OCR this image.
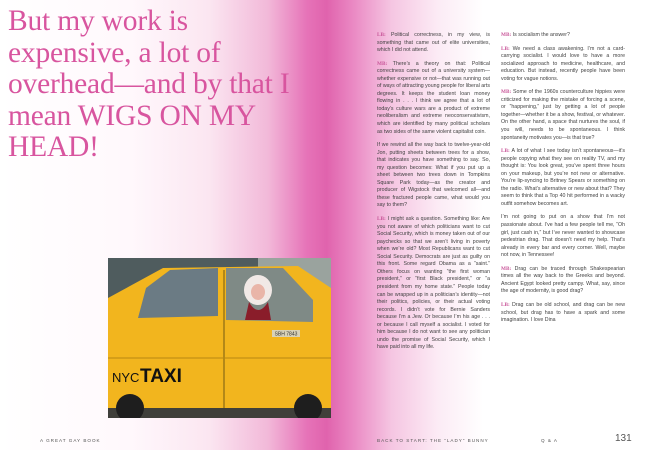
But my work is expensive, a lot of overhead—and by that I mean WIGS ON MY HEAD!
SBH 7843
NYC TAXI

LB: Political correctness, in my view, is something that came out of elite universities, which I did not attend.

MB: There’s a theory on that: Political correctness came out of a university system—whether expensive or not—that was running out of ways of attracting young people for liberal arts degrees. It keeps the student loan money flowing in . . . I think we agree that a lot of today’s culture wars are a product of extreme neoliberalism and extreme neoconservativism, which are identified by many political scholars as two sides of the same violent capitalist coin.

If we rewind all the way back to twelve-year-old Jon, putting sheets between trees for a show, that indicates you have something to say. So, my question becomes: What if you put up a sheet between two trees down in Tompkins Square Park today—as the creator and producer of Wigstock that welcomed all—and these fractured people came, what would you say to them?

LB: I might ask a question. Something like: Are you not aware of which politicians want to cut Social Security, which is money taken out of our paychecks so that we aren’t living in poverty when we’re old? Most Republicans want to cut Social Security. Democrats are just as guilty on this front. Some regard Obama as a “saint.” Others focus on wanting “the first woman president,” or “first Black president,” or “a president from my home state.” People today can be wrapped up in a politician’s identity—not their politics, policies, or their actual voting records. I didn’t vote for Bernie Sanders because I’m a Jew. Or because I’m his age . . . or because I call myself a socialist. I voted for him because I do not want to see any politician undo the promise of Social Security, which I have paid into all my life.

MB: Is socialism the answer?

LB: We need a class awakening. I’m not a card-carrying socialist. I would love to have a more socialized approach to medicine, healthcare, and education. But instead, recently people have been voting for vague notions.

MB: Some of the 1960s counterculture hippies were criticized for making the mistake of forcing a scene, or “happening,” just by getting a lot of people together—whether it be a show, festival, or whatever. On the other hand, a space that nurtures the soul, if you will, needs to be spontaneous. I think spontaneity motivates you—is that true?

LB: A lot of what I see today isn’t spontaneous—it’s people copying what they see on reality TV, and my thought is: You look great, you’ve spent three hours on your makeup, but you’re not new or alternative. You’re lip-syncing to Britney Spears or something on the radio. What’s alternative or new about that? They seem to think that a Top 40 hit performed in a wacky outfit somehow becomes art.

I’m not going to put on a show that I’m not passionate about. I’ve had a few people tell me, “Oh girl, just cash in,” but I’ve never wanted to showcase pedestrian drag. That doesn’t need my help. That’s already in every bar and every corner. Well, maybe not now, in Tennessee!

MB: Drag can be traced through Shakespearian times all the way back to the Greeks and beyond. Ancient Egypt looked pretty campy. What, say, since the age of modernity, is good drag?

LB: Drag can be old school, and drag can be new school, but drag has to have a spark and some imagination. I love Dina

A GREAT GAY BOOK	BACK TO START: THE “LADY” BUNNY	Q & A	131
